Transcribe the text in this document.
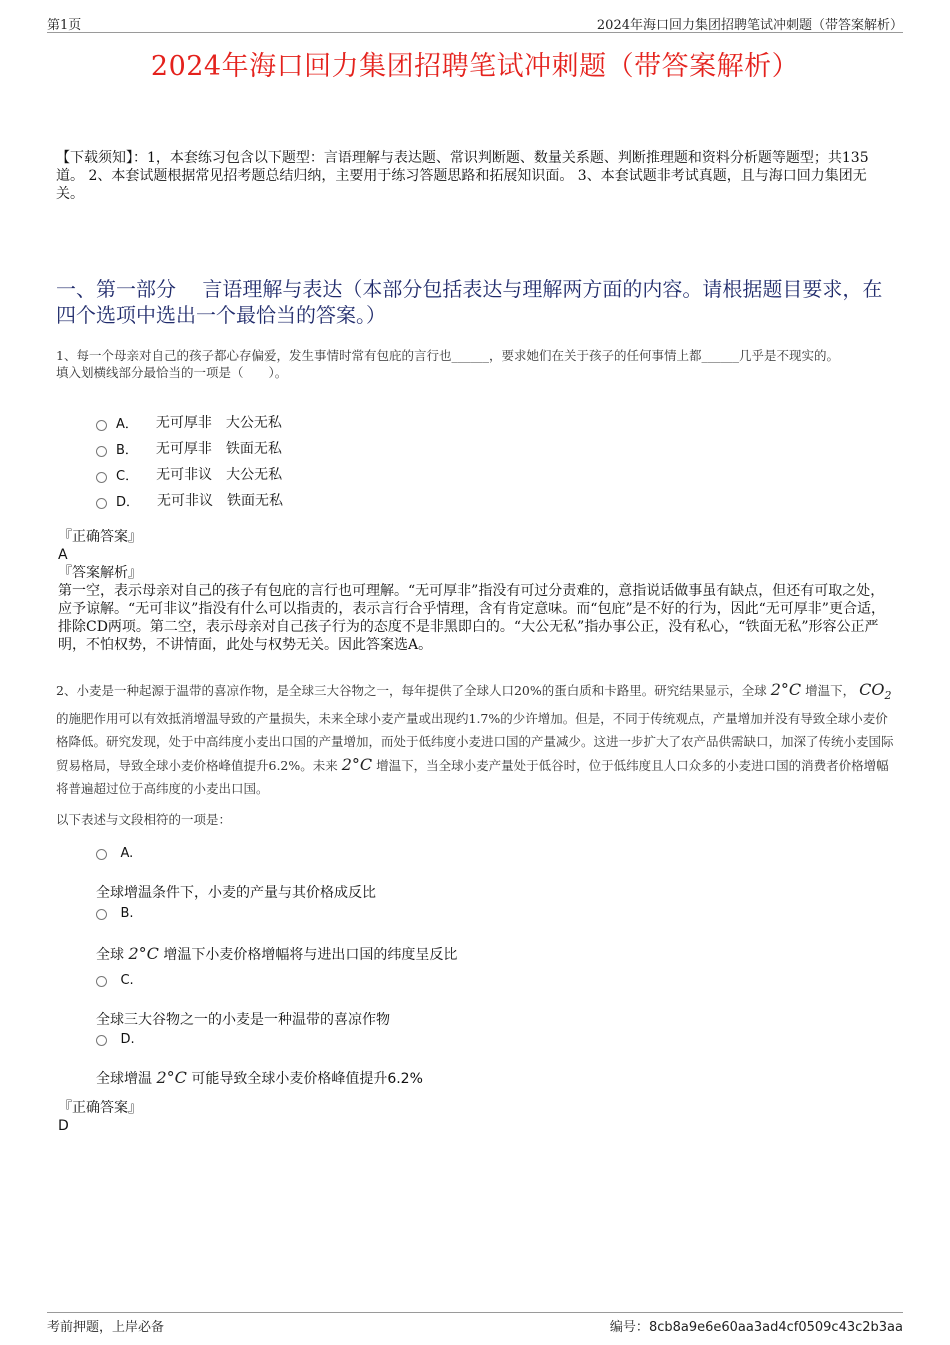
第1页	2024年海口回力集团招聘笔试冲刺题（带答案解析）
2024年海口回力集团招聘笔试冲刺题（带答案解析）
【下载须知】：1，本套练习包含以下题型：言语理解与表达题、常识判断题、数量关系题、判断推理题和资料分析题等题型；共135道。 2、本套试题根据常见招考题总结归纳，主要用于练习答题思路和拓展知识面。 3、本套试题非考试真题，且与海口回力集团无关。
一、第一部分　 言语理解与表达（本部分包括表达与理解两方面的内容。请根据题目要求，在四个选项中选出一个最恰当的答案。）
1、每一个母亲对自己的孩子都心存偏爱，发生事情时常有包庇的言行也______，要求她们在关于孩子的任何事情上都______几乎是不现实的。
填入划横线部分最恰当的一项是（　　）。
A． 无可厚非　大公无私
B． 无可厚非　铁面无私
C． 无可非议　大公无私
D． 无可非议　铁面无私
『正确答案』
A
『答案解析』
第一空，表示母亲对自己的孩子有包庇的言行也可理解。“无可厚非”指没有可过分责难的，意指说话做事虽有缺点，但还有可取之处，应予谅解。“无可非议”指没有什么可以指责的，表示言行合乎情理，含有肯定意味。而“包庇”是不好的行为，因此“无可厚非”更合适，排除CD两项。第二空，表示母亲对自己孩子行为的态度不是非黑即白的。“大公无私”指办事公正，没有私心，“铁面无私”形容公正严明，不怕权势，不讲情面，此处与权势无关。因此答案选A。
2、小麦是一种起源于温带的喜凉作物，是全球三大谷物之一，每年提供了全球人口20%的蛋白质和卡路里。研究结果显示，全球 2°C 增温下， $CO_2$ 的施肥作用可以有效抵消增温导致的产量损失，未来全球小麦产量或出现约1.7%的少许增加。但是，不同于传统观点，产量增加并没有导致全球小麦价格降低。研究发现，处于中高纬度小麦出口国的产量增加，而处于低纬度小麦进口国的产量减少。这进一步扩大了农产品供需缺口，加深了传统小麦国际贸易格局，导致全球小麦价格峰值提升6.2%。未来 2°C 增温下，当全球小麦产量处于低谷时，位于低纬度且人口众多的小麦进口国的消费者价格增幅将普遍超过位于高纬度的小麦出口国。
以下表述与文段相符的一项是：
A.
全球增温条件下，小麦的产量与其价格成反比
B.
全球 2°C 增温下小麦价格增幅将与进出口国的纬度呈反比
C.
全球三大谷物之一的小麦是一种温带的喜凉作物
D.
全球增温 2°C 可能导致全球小麦价格峰值提升6.2%
『正确答案』
D
考前押题，上岸必备	编号：8cb8a9e6e60aa3ad4cf0509c43c2b3aa
